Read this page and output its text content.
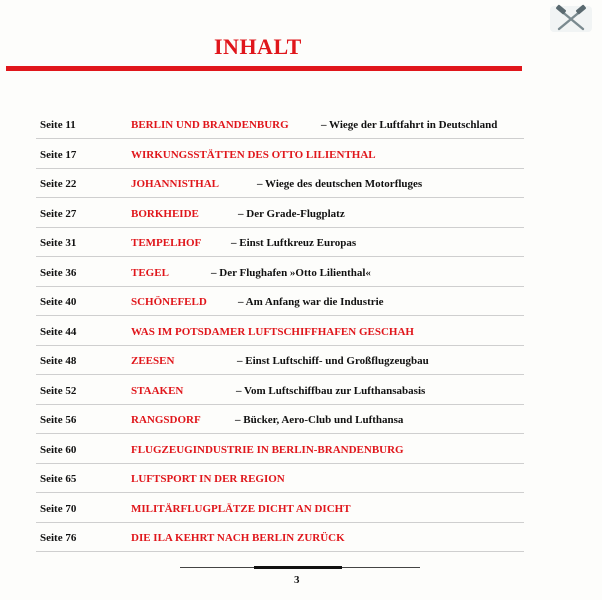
INHALT
Seite 11	BERLIN UND BRANDENBURG	– Wiege der Luftfahrt in Deutschland
Seite 17	WIRKUNGSSTÄTTEN DES OTTO LILIENTHAL
Seite 22	JOHANNISTHAL	– Wiege des deutschen Motorfluges
Seite 27	BORKHEIDE	– Der Grade-Flugplatz
Seite 31	TEMPELHOF	– Einst Luftkreuz Europas
Seite 36	TEGEL	– Der Flughafen »Otto Lilienthal«
Seite 40	SCHÖNEFELD	– Am Anfang war die Industrie
Seite 44	WAS IM POTSDAMER LUFTSCHIFFHAFEN GESCHAH
Seite 48	ZEESEN	– Einst Luftschiff- und Großflugzeugbau
Seite 52	STAAKEN	– Vom Luftschiffbau zur Lufthansabasis
Seite 56	RANGSDORF	– Bücker, Aero-Club und Lufthansa
Seite 60	FLUGZEUGINDUSTRIE IN BERLIN-BRANDENBURG
Seite 65	LUFTSPORT IN DER REGION
Seite 70	MILITÄRFLUGPLÄTZE DICHT AN DICHT
Seite 76	DIE ILA KEHRT NACH BERLIN ZURÜCK
3
